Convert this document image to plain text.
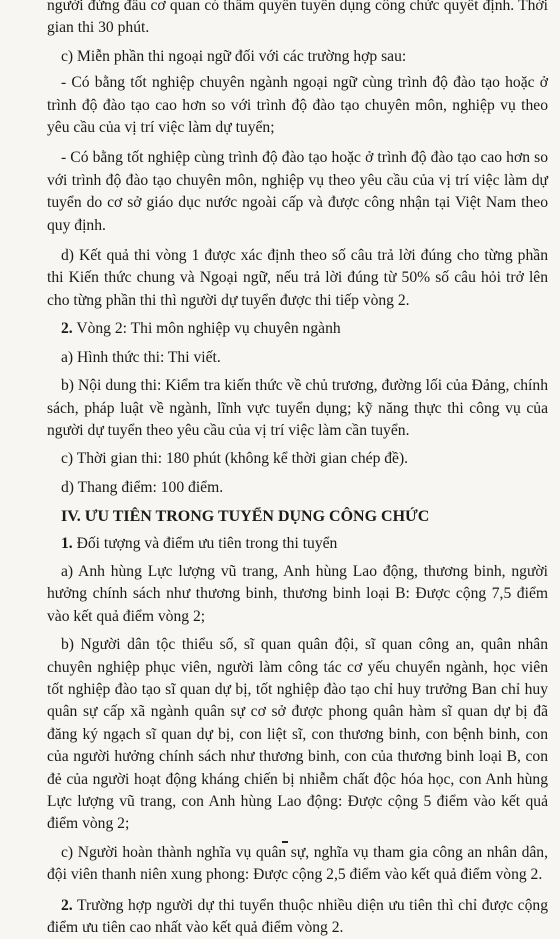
người đứng đầu cơ quan có thẩm quyền tuyển dụng công chức quyết định. Thời gian thi 30 phút.

c) Miễn phần thi ngoại ngữ đối với các trường hợp sau:

- Có bằng tốt nghiệp chuyên ngành ngoại ngữ cùng trình độ đào tạo hoặc ở trình độ đào tạo cao hơn so với trình độ đào tạo chuyên môn, nghiệp vụ theo yêu cầu của vị trí việc làm dự tuyển;

- Có bằng tốt nghiệp cùng trình độ đào tạo hoặc ở trình độ đào tạo cao hơn so với trình độ đào tạo chuyên môn, nghiệp vụ theo yêu cầu của vị trí việc làm dự tuyển do cơ sở giáo dục nước ngoài cấp và được công nhận tại Việt Nam theo quy định.

d) Kết quả thi vòng 1 được xác định theo số câu trả lời đúng cho từng phần thi Kiến thức chung và Ngoại ngữ, nếu trả lời đúng từ 50% số câu hỏi trở lên cho từng phần thi thì người dự tuyển được thi tiếp vòng 2.

2. Vòng 2: Thi môn nghiệp vụ chuyên ngành

a) Hình thức thi: Thi viết.

b) Nội dung thi: Kiểm tra kiến thức về chủ trương, đường lối của Đảng, chính sách, pháp luật về ngành, lĩnh vực tuyển dụng; kỹ năng thực thi công vụ của người dự tuyển theo yêu cầu của vị trí việc làm cần tuyển.

c) Thời gian thi: 180 phút (không kể thời gian chép đề).

d) Thang điểm: 100 điểm.

IV. ƯU TIÊN TRONG TUYỂN DỤNG CÔNG CHỨC

1. Đối tượng và điểm ưu tiên trong thi tuyển

a) Anh hùng Lực lượng vũ trang, Anh hùng Lao động, thương binh, người hưởng chính sách như thương binh, thương binh loại B: Được cộng 7,5 điểm vào kết quả điểm vòng 2;

b) Người dân tộc thiểu số, sĩ quan quân đội, sĩ quan công an, quân nhân chuyên nghiệp phục viên, người làm công tác cơ yếu chuyển ngành, học viên tốt nghiệp đào tạo sĩ quan dự bị, tốt nghiệp đào tạo chỉ huy trưởng Ban chỉ huy quân sự cấp xã ngành quân sự cơ sở được phong quân hàm sĩ quan dự bị đã đăng ký ngạch sĩ quan dự bị, con liệt sĩ, con thương binh, con bệnh binh, con của người hưởng chính sách như thương binh, con của thương binh loại B, con đẻ của người hoạt động kháng chiến bị nhiễm chất độc hóa học, con Anh hùng Lực lượng vũ trang, con Anh hùng Lao động: Được cộng 5 điểm vào kết quả điểm vòng 2;

c) Người hoàn thành nghĩa vụ quân sự, nghĩa vụ tham gia công an nhân dân, đội viên thanh niên xung phong: Được cộng 2,5 điểm vào kết quả điểm vòng 2.

2. Trường hợp người dự thi tuyển thuộc nhiều diện ưu tiên thì chỉ được cộng điểm ưu tiên cao nhất vào kết quả điểm vòng 2.
